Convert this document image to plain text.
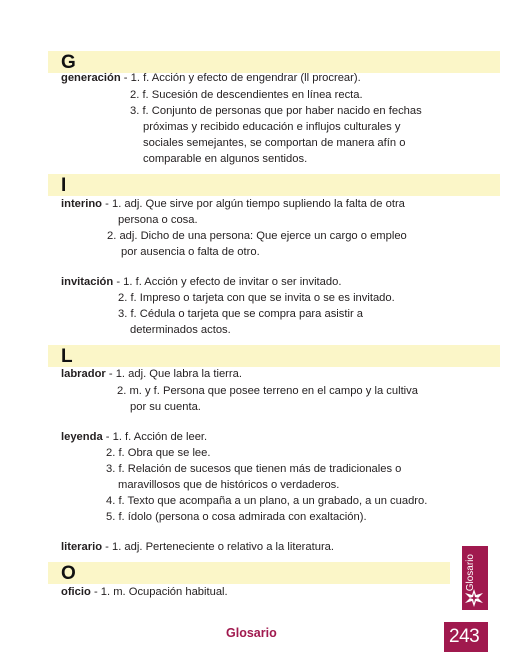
G
generación - 1. f. Acción y efecto de engendrar (ll procrear).
2. f. Sucesión de descendientes en línea recta.
3. f. Conjunto de personas que por haber nacido en fechas
próximas y recibido educación e influjos culturales y
sociales semejantes, se comportan de manera afín o
comparable en algunos sentidos.
I
interino - 1. adj. Que sirve por algún tiempo supliendo la falta de otra
persona o cosa.
2. adj. Dicho de una persona: Que ejerce un cargo o empleo
por ausencia o falta de otro.
invitación - 1. f. Acción y efecto de invitar o ser invitado.
2. f. Impreso o tarjeta con que se invita o se es invitado.
3. f. Cédula o tarjeta que se compra para asistir a
determinados actos.
L
labrador - 1. adj. Que labra la tierra.
2. m. y f. Persona que posee terreno en el campo y la cultiva
por su cuenta.
leyenda - 1. f. Acción de leer.
2. f. Obra que se lee.
3. f. Relación de sucesos que tienen más de tradicionales o
maravillosos que de históricos o verdaderos.
4. f. Texto que acompaña a un plano, a un grabado, a un cuadro.
5. f. ídolo (persona o cosa admirada con exaltación).
literario - 1. adj. Perteneciente o relativo a la literatura.
O
oficio - 1. m. Ocupación habitual.
Glosario
Glosario	243
